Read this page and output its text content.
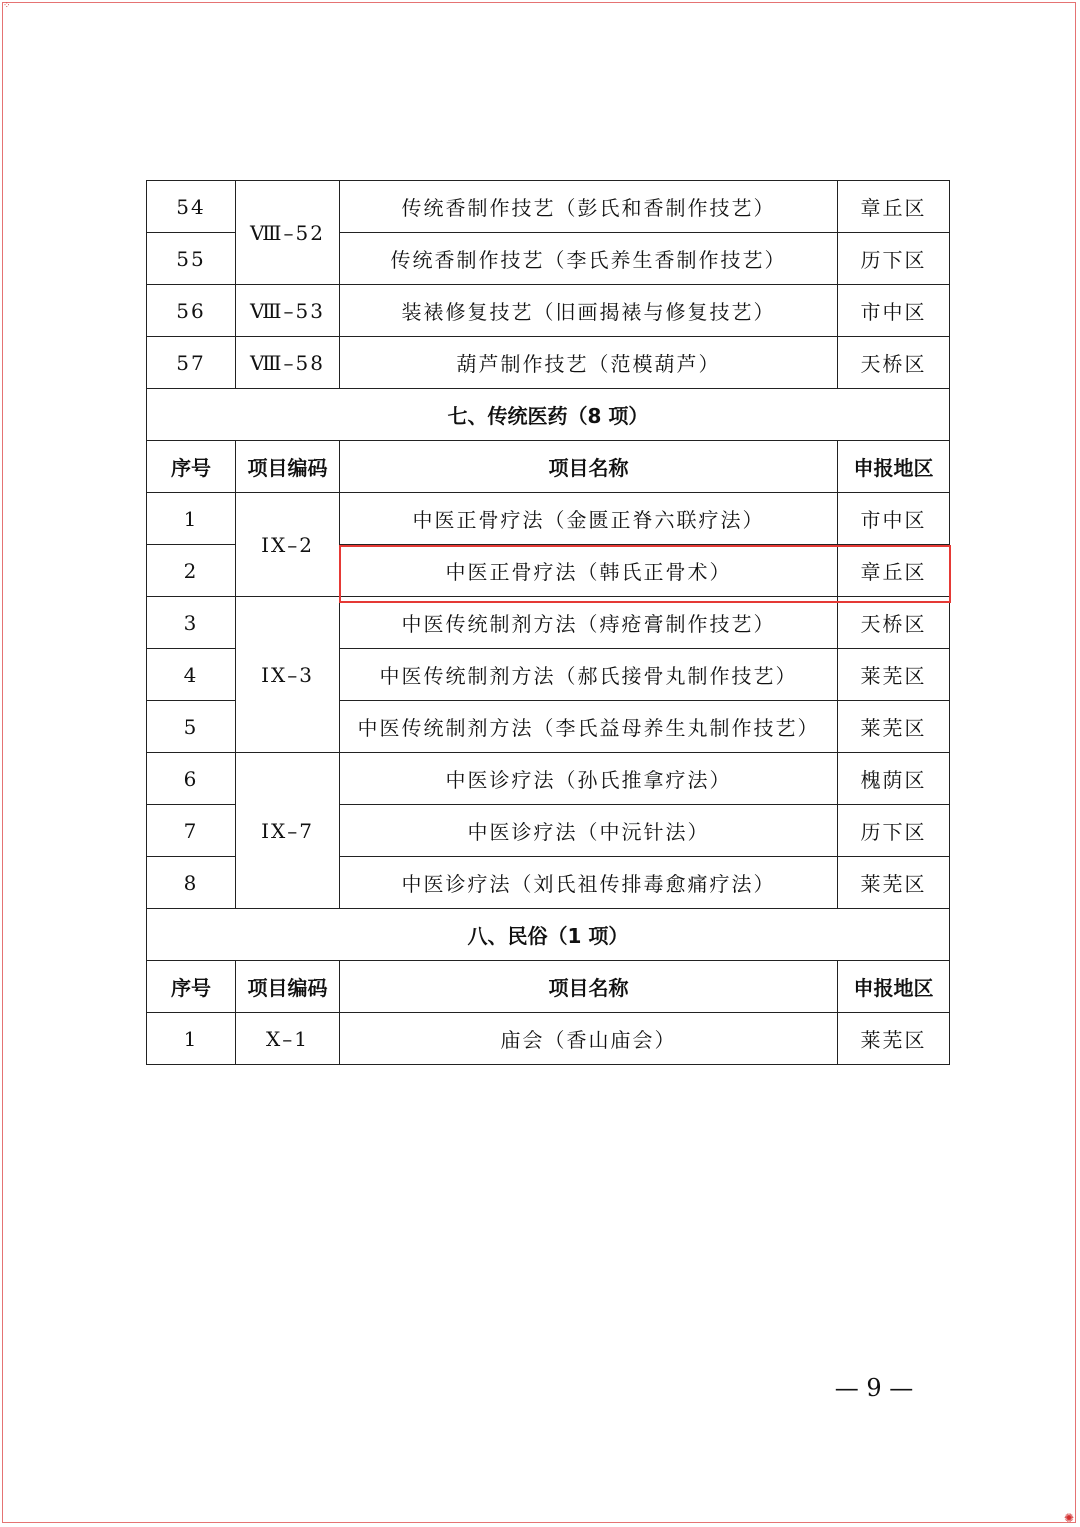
⁘
✺
54	Ⅷ–52	传统香制作技艺（彭氏和香制作技艺）	章丘区
55		传统香制作技艺（李氏养生香制作技艺）	历下区
56	Ⅷ–53	装裱修复技艺（旧画揭裱与修复技艺）	市中区
57	Ⅷ–58	葫芦制作技艺（范模葫芦）	天桥区
七、传统医药（8 项）			
序号	项目编码	项目名称	申报地区
1	IX–2	中医正骨疗法（金匮正脊六联疗法）	市中区
2		中医正骨疗法（韩氏正骨术）	章丘区
3	IX–3	中医传统制剂方法（痔疮膏制作技艺）	天桥区
4		中医传统制剂方法（郝氏接骨丸制作技艺）	莱芜区
5		中医传统制剂方法（李氏益母养生丸制作技艺）	莱芜区
6	IX–7	中医诊疗法（孙氏推拿疗法）	槐荫区
7		中医诊疗法（中沅针法）	历下区
8		中医诊疗法（刘氏祖传排毒愈痛疗法）	莱芜区
八、民俗（1 项）			
序号	项目编码	项目名称	申报地区
1	X–1	庙会（香山庙会）	莱芜区
— 9 —
